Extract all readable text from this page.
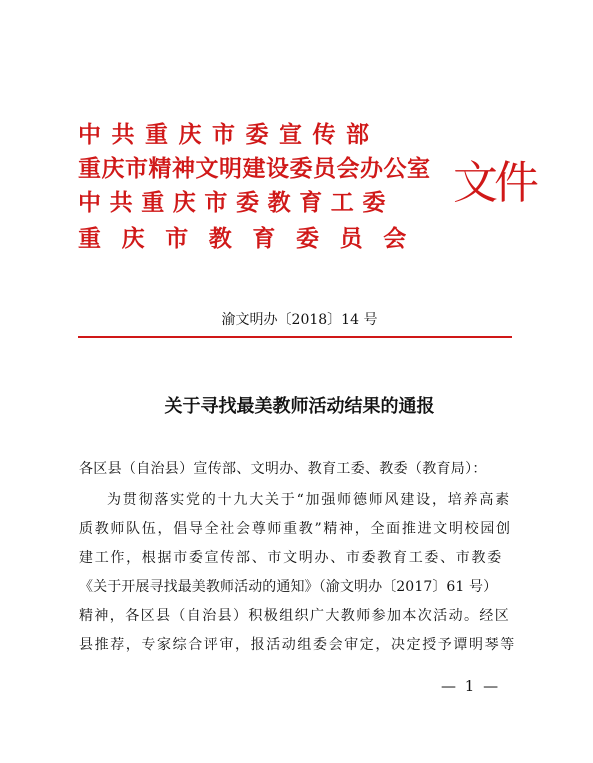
中共重庆市委宣传部
重庆市精神文明建设委员会办公室
中共重庆市委教育工委
重庆市教育委员会
文件
渝文明办〔2018〕14 号
关于寻找最美教师活动结果的通报
各区县（自治县）宣传部、文明办、教育工委、教委（教育局）：
为贯彻落实党的十九大关于“加强师德师风建设，培养高素
质教师队伍，倡导全社会尊师重教”精神，全面推进文明校园创
建工作，根据市委宣传部、市文明办、市委教育工委、市教委
《关于开展寻找最美教师活动的通知》（渝文明办〔2017〕61 号）
精神，各区县（自治县）积极组织广大教师参加本次活动。经区
县推荐，专家综合评审，报活动组委会审定，决定授予谭明琴等
— 1 —
